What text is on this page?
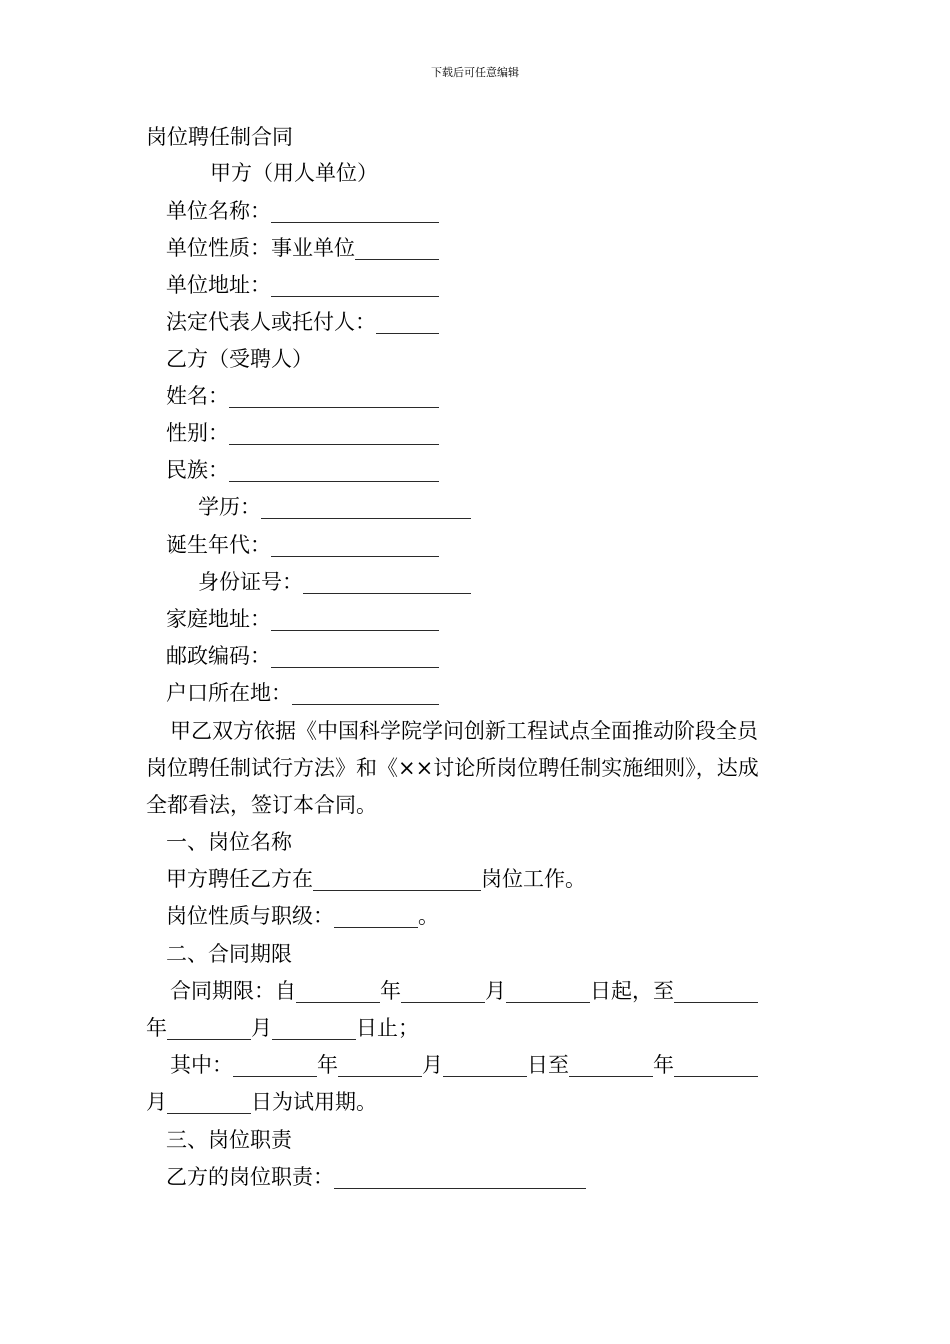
下载后可任意编辑

岗位聘任制合同

甲方（用人单位）

单位名称：________________

单位性质：事业单位________

单位地址：________________

法定代表人或托付人：______

乙方（受聘人）

姓名：____________________

性别：____________________

民族：____________________

学历：____________________

诞生年代：________________

身份证号：________________

家庭地址：________________

邮政编码：________________

户口所在地：______________

甲乙双方依据《中国科学院学问创新工程试点全面推动阶段全员

岗位聘任制试行方法》和《××讨论所岗位聘任制实施细则》，达成

全都看法，签订本合同。

一、岗位名称

甲方聘任乙方在________________岗位工作。

岗位性质与职级：________。

二、合同期限

合同期限：自________年________月________日起，至________

年________月________日止；

其中：________年________月________日至________年________

月________日为试用期。

三、岗位职责

乙方的岗位职责：________________________
